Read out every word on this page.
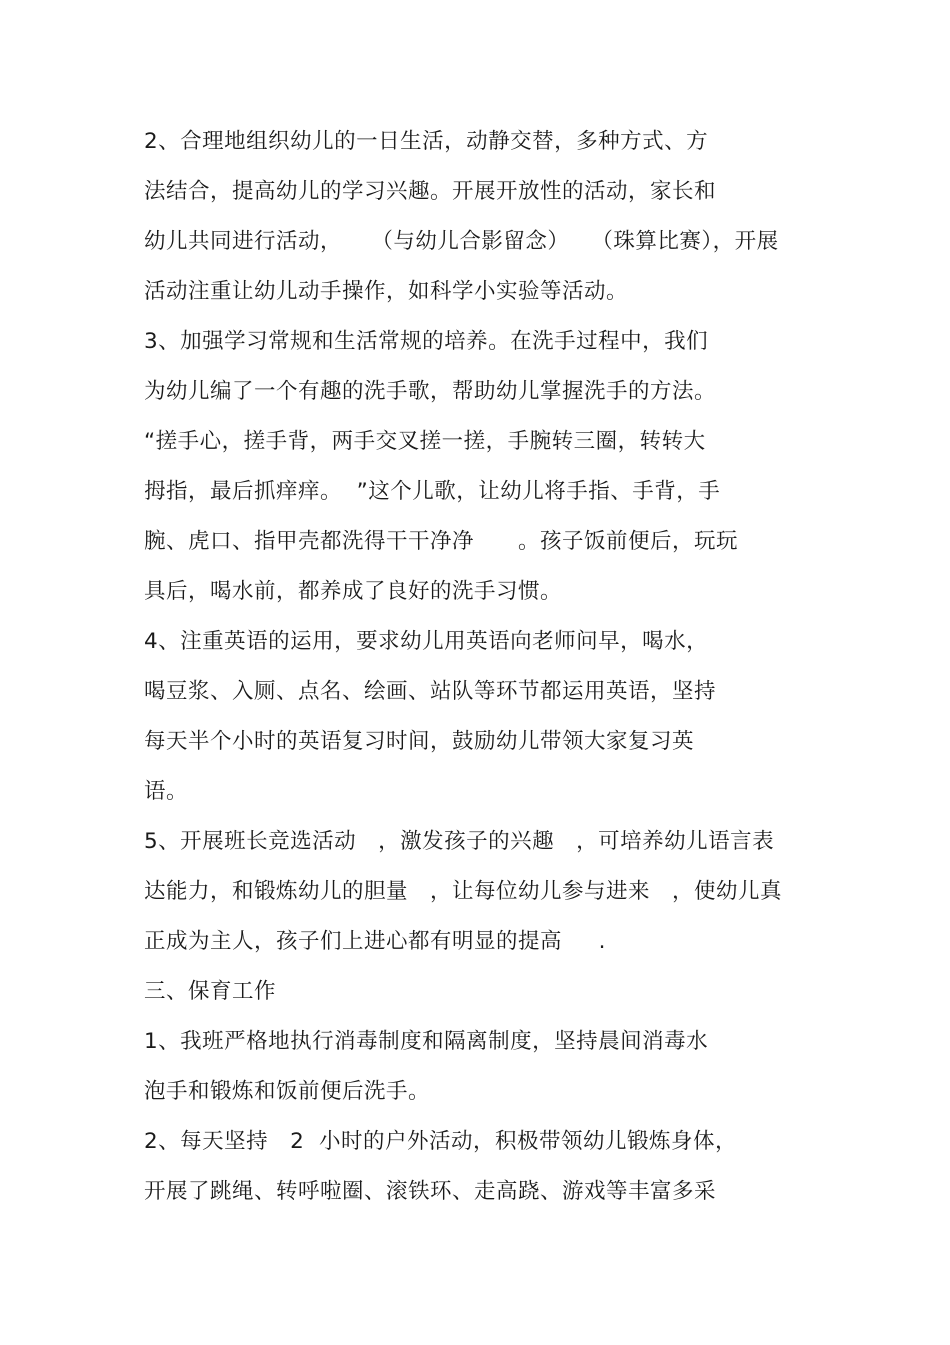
2、合理地组织幼儿的一日生活，动静交替，多种方式、方
法结合，提高幼儿的学习兴趣。开展开放性的活动，家长和
幼儿共同进行活动，    （与幼儿合影留念）   （珠算比赛），开展
活动注重让幼儿动手操作，如科学小实验等活动。
3、加强学习常规和生活常规的培养。在洗手过程中，我们
为幼儿编了一个有趣的洗手歌，帮助幼儿掌握洗手的方法。
“搓手心，搓手背，两手交叉搓一搓，手腕转三圈，转转大
拇指，最后抓痒痒。  ”这个儿歌，让幼儿将手指、手背，手
腕、虎口、指甲壳都洗得干干净净      。孩子饭前便后，玩玩
具后，喝水前，都养成了良好的洗手习惯。
4、注重英语的运用，要求幼儿用英语向老师问早，喝水，
喝豆浆、入厕、点名、绘画、站队等环节都运用英语，坚持
每天半个小时的英语复习时间，鼓励幼儿带领大家复习英
语。
5、开展班长竞选活动   ，激发孩子的兴趣   ，可培养幼儿语言表
达能力，和锻炼幼儿的胆量   ，让每位幼儿参与进来   ，使幼儿真
正成为主人，孩子们上进心都有明显的提高     .
三、保育工作
1、我班严格地执行消毒制度和隔离制度，坚持晨间消毒水
泡手和锻炼和饭前便后洗手。
2、每天坚持   2  小时的户外活动，积极带领幼儿锻炼身体，
开展了跳绳、转呼啦圈、滚铁环、走高跷、游戏等丰富多采
